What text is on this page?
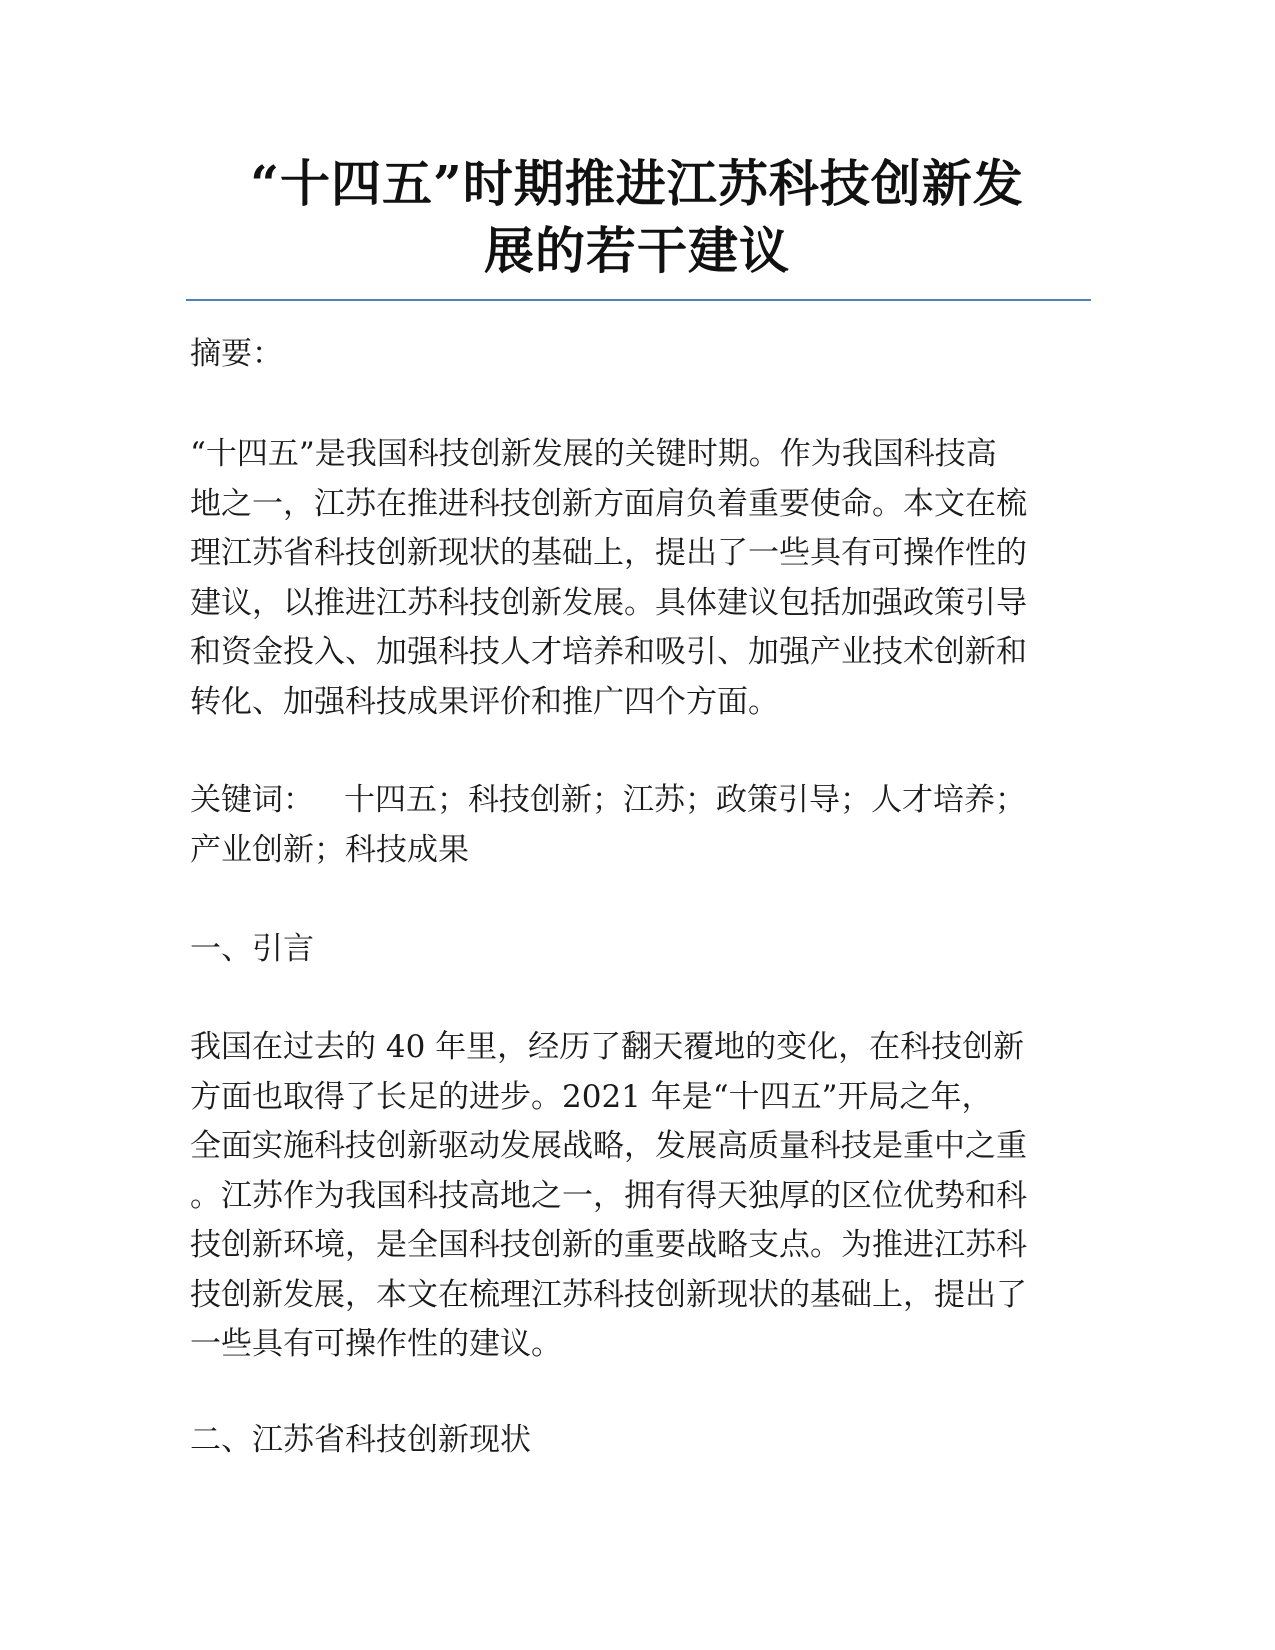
“十四五”时期推进江苏科技创新发
展的若干建议

摘要：

“十四五”是我国科技创新发展的关键时期。作为我国科技高
地之一，江苏在推进科技创新方面肩负着重要使命。本文在梳
理江苏省科技创新现状的基础上，提出了一些具有可操作性的
建议，以推进江苏科技创新发展。具体建议包括加强政策引导
和资金投入、加强科技人才培养和吸引、加强产业技术创新和
转化、加强科技成果评价和推广四个方面。

关键词： 十四五；科技创新；江苏；政策引导；人才培养；
产业创新；科技成果

一、引言

我国在过去的 40 年里，经历了翻天覆地的变化，在科技创新
方面也取得了长足的进步。2021 年是“十四五”开局之年，
全面实施科技创新驱动发展战略，发展高质量科技是重中之重
。江苏作为我国科技高地之一，拥有得天独厚的区位优势和科
技创新环境，是全国科技创新的重要战略支点。为推进江苏科
技创新发展，本文在梳理江苏科技创新现状的基础上，提出了
一些具有可操作性的建议。

二、江苏省科技创新现状
